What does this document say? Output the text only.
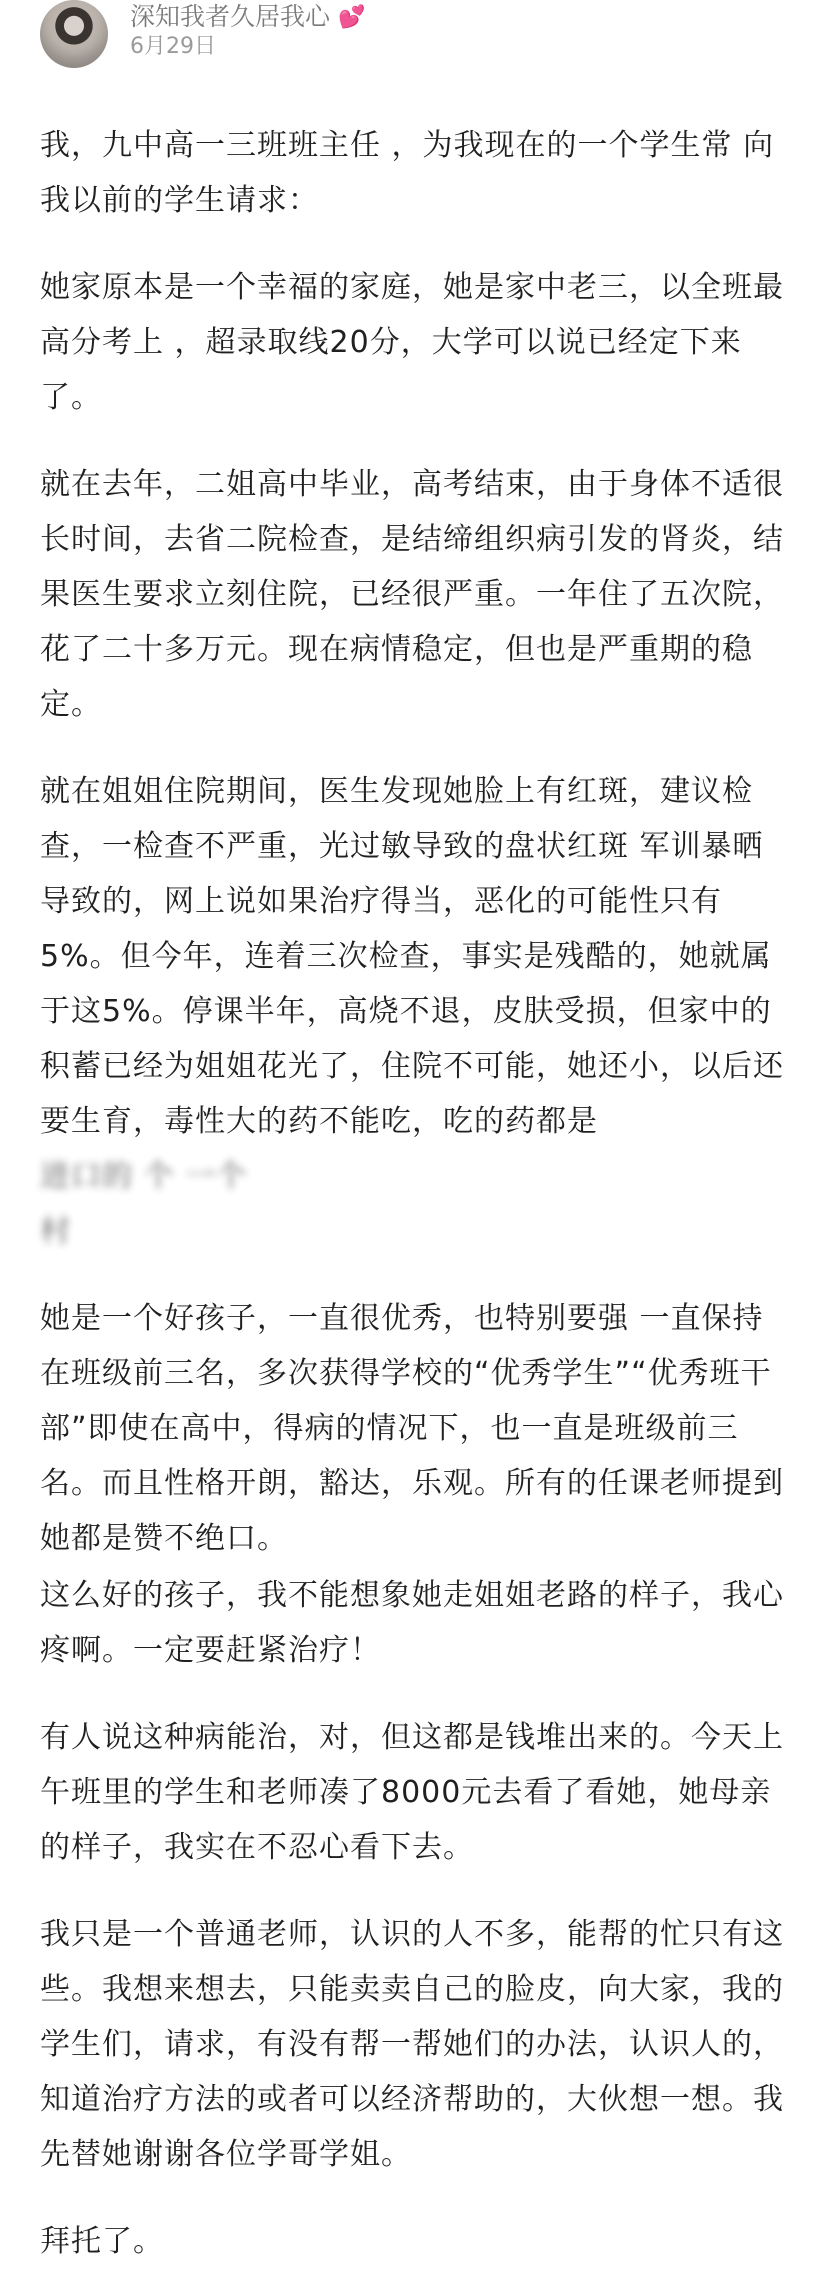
深知我者久居我心 💕
6月29日

我，九中高一三班班主任 ，为我现在的一个学生常 向我以前的学生请求：

她家原本是一个幸福的家庭，她是家中老三，以全班最高分考上 ，超录取线20分，大学可以说已经定下来了。

就在去年，二姐高中毕业，高考结束，由于身体不适很长时间，去省二院检查，是结缔组织病引发的肾炎，结果医生要求立刻住院，已经很严重。一年住了五次院，花了二十多万元。现在病情稳定，但也是严重期的稳定。

就在姐姐住院期间，医生发现她脸上有红斑，建议检查，一检查不严重，光过敏导致的盘状红斑 军训暴晒导致的，网上说如果治疗得当，恶化的可能性只有5%。但今年，连着三次检查，事实是残酷的，她就属于这5%。停课半年，高烧不退，皮肤受损，但家中的积蓄已经为姐姐花光了，住院不可能，她还小，以后还要生育，毒性大的药不能吃，吃的药都是

进口的 个 一个

村

她是一个好孩子，一直很优秀，也特别要强 一直保持在班级前三名，多次获得学校的“优秀学生”“优秀班干部”即使在高中，得病的情况下，也一直是班级前三名。而且性格开朗，豁达，乐观。所有的任课老师提到她都是赞不绝口。

这么好的孩子，我不能想象她走姐姐老路的样子，我心疼啊。一定要赶紧治疗！

有人说这种病能治，对，但这都是钱堆出来的。今天上午班里的学生和老师凑了8000元去看了看她，她母亲的样子，我实在不忍心看下去。

我只是一个普通老师，认识的人不多，能帮的忙只有这些。我想来想去，只能卖卖自己的脸皮，向大家，我的学生们，请求，有没有帮一帮她们的办法，认识人的，知道治疗方法的或者可以经济帮助的，大伙想一想。我先替她谢谢各位学哥学姐。

拜托了。
